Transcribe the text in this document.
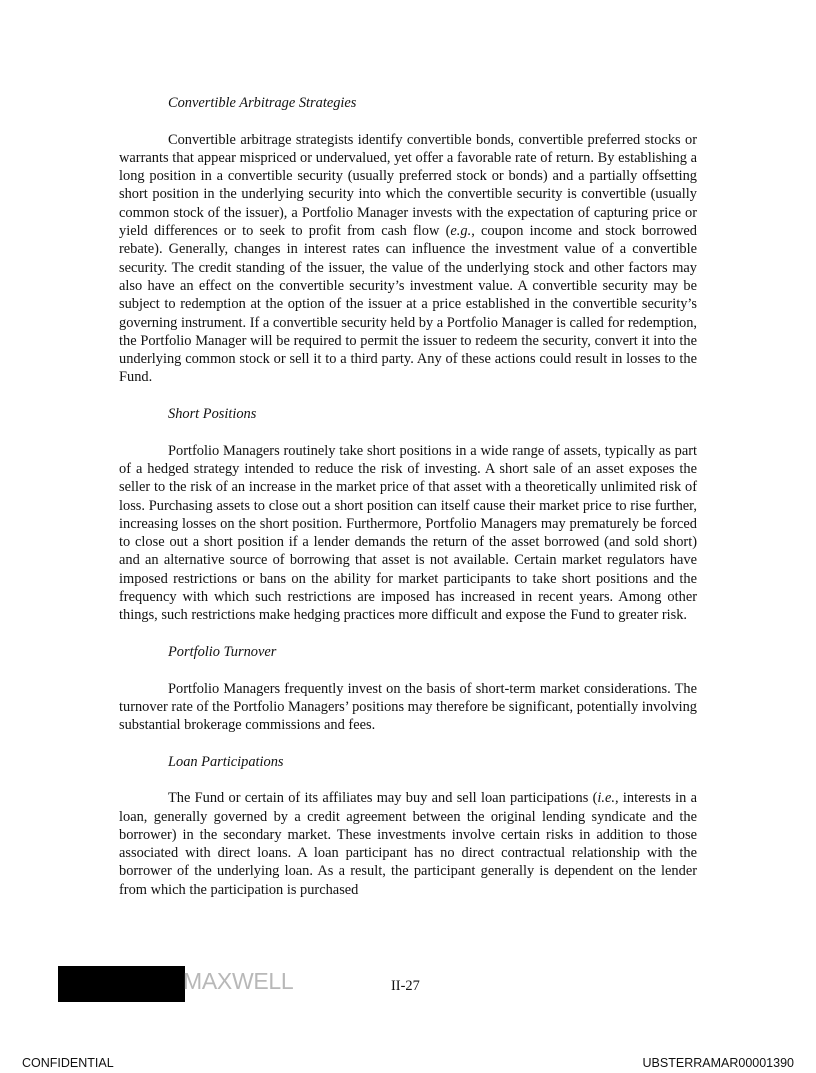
Convertible Arbitrage Strategies

Convertible arbitrage strategists identify convertible bonds, convertible preferred stocks or warrants that appear mispriced or undervalued, yet offer a favorable rate of return. By establishing a long position in a convertible security (usually preferred stock or bonds) and a partially offsetting short position in the underlying security into which the convertible security is convertible (usually common stock of the issuer), a Portfolio Manager invests with the expectation of capturing price or yield differences or to seek to profit from cash flow (e.g., coupon income and stock borrowed rebate). Generally, changes in interest rates can influence the investment value of a convertible security. The credit standing of the issuer, the value of the underlying stock and other factors may also have an effect on the convertible security’s investment value. A convertible security may be subject to redemption at the option of the issuer at a price established in the convertible security’s governing instrument. If a convertible security held by a Portfolio Manager is called for redemption, the Portfolio Manager will be required to permit the issuer to redeem the security, convert it into the underlying common stock or sell it to a third party. Any of these actions could result in losses to the Fund.

Short Positions

Portfolio Managers routinely take short positions in a wide range of assets, typically as part of a hedged strategy intended to reduce the risk of investing. A short sale of an asset exposes the seller to the risk of an increase in the market price of that asset with a theoretically unlimited risk of loss. Purchasing assets to close out a short position can itself cause their market price to rise further, increasing losses on the short position. Furthermore, Portfolio Managers may prematurely be forced to close out a short position if a lender demands the return of the asset borrowed (and sold short) and an alternative source of borrowing that asset is not available. Certain market regulators have imposed restrictions or bans on the ability for market participants to take short positions and the frequency with which such restrictions are imposed has increased in recent years. Among other things, such restrictions make hedging practices more difficult and expose the Fund to greater risk.

Portfolio Turnover

Portfolio Managers frequently invest on the basis of short-term market considerations. The turnover rate of the Portfolio Managers’ positions may therefore be significant, potentially involving substantial brokerage commissions and fees.

Loan Participations

The Fund or certain of its affiliates may buy and sell loan participations (i.e., interests in a loan, generally governed by a credit agreement between the original lending syndicate and the borrower) in the secondary market. These investments involve certain risks in addition to those associated with direct loans. A loan participant has no direct contractual relationship with the borrower of the underlying loan. As a result, the participant generally is dependent on the lender from which the participation is purchased

MAXWELL	II-27
CONFIDENTIAL	UBSTERRAMAR00001390
